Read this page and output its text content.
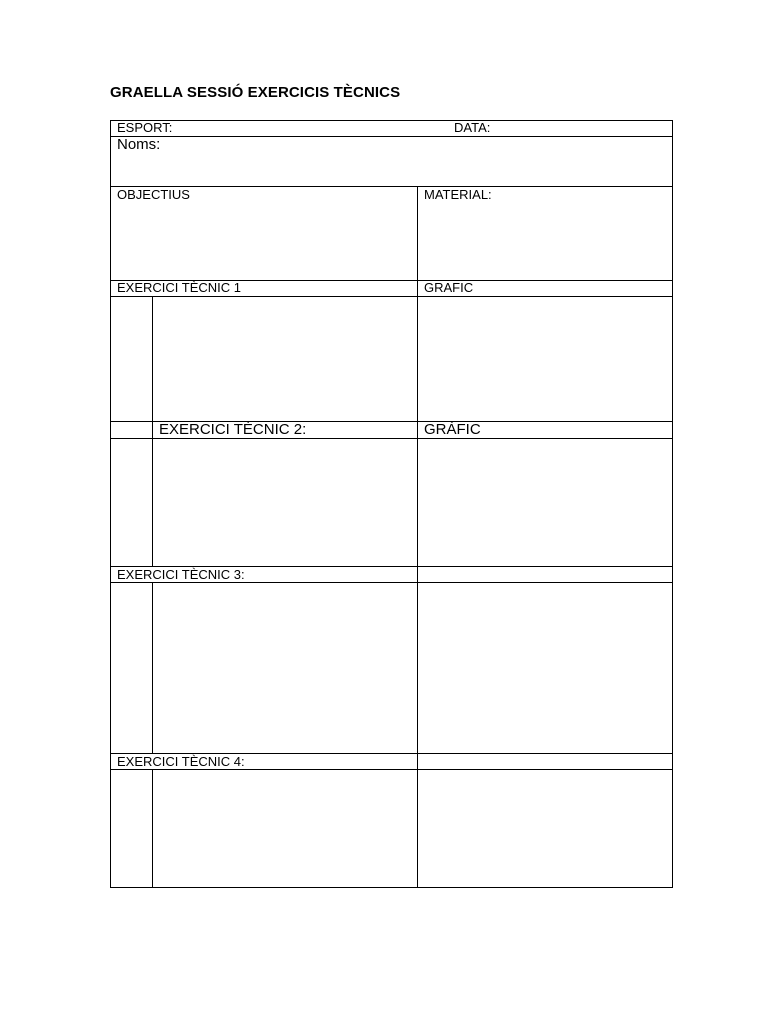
GRAELLA SESSIÓ EXERCICIS TÈCNICS
ESPORT:	DATA:
Noms:
OBJECTIUS	MATERIAL:
EXERCICI TÈCNIC 1	GRAFIC
EXERCICI TÈCNIC 2:	GRÀFIC
EXERCICI TÈCNIC 3:
EXERCICI TÈCNIC 4:
